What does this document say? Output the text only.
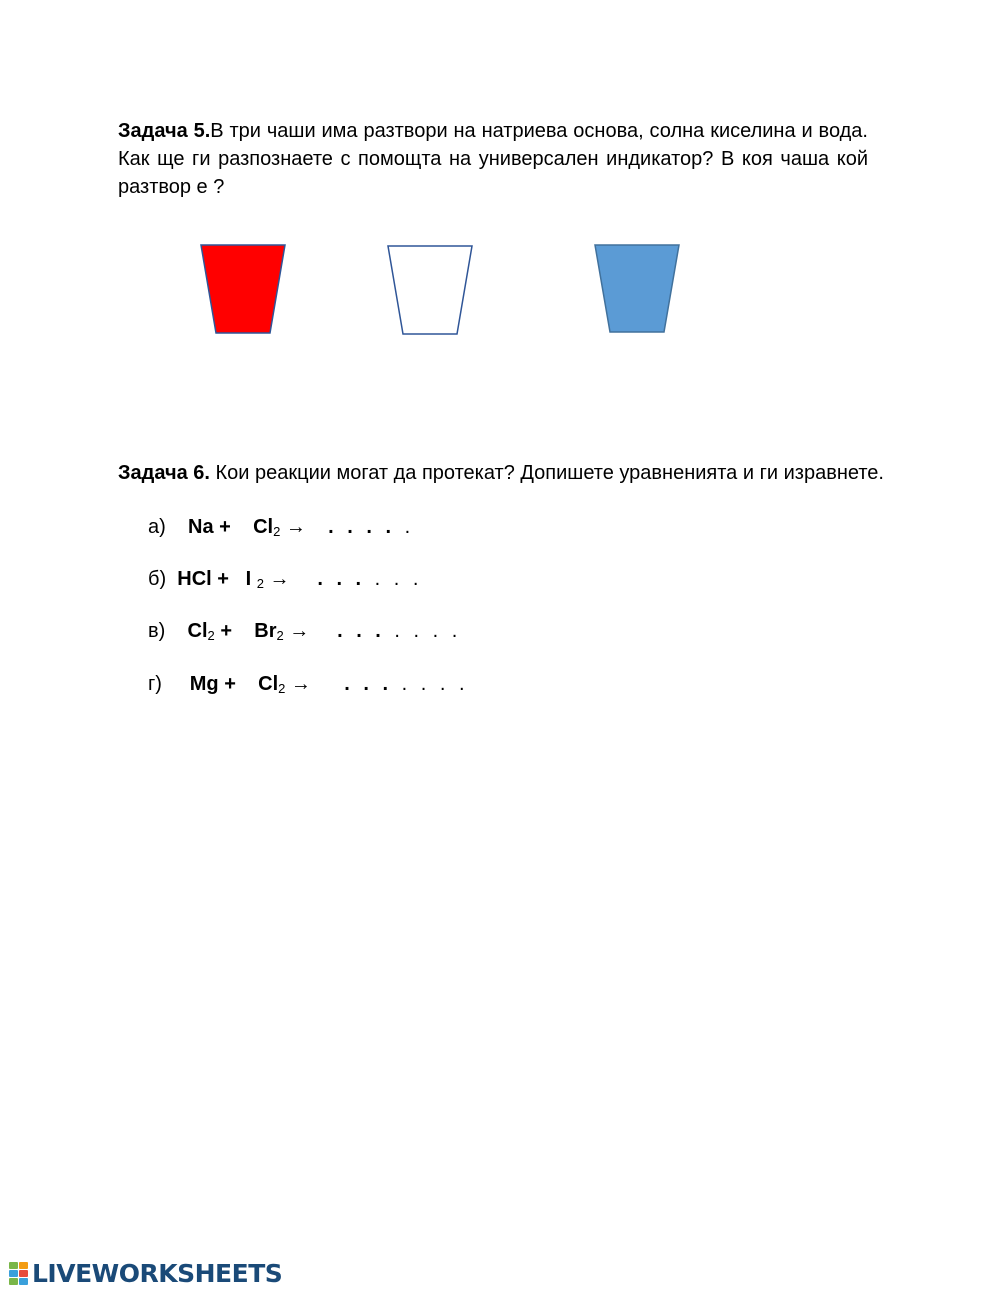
Задача 5.В три чаши има разтвори на натриева основа, солна киселина и вода. Как ще ги разпознаете с помощта на универсален индикатор? В коя чаша кой разтвор е ?

Задача 6. Кои реакции могат да протекат? Допишете уравненията и ги изравнете.

а) $Na + Cl_2$ → . . . . .
б) HCl + I $_2$ → . . . . . .
в) $Cl_2 + Br_2$ → . . . . . . .
г) $Mg + Cl_2$ → . . . . . . .
LIVEWORKSHEETS
